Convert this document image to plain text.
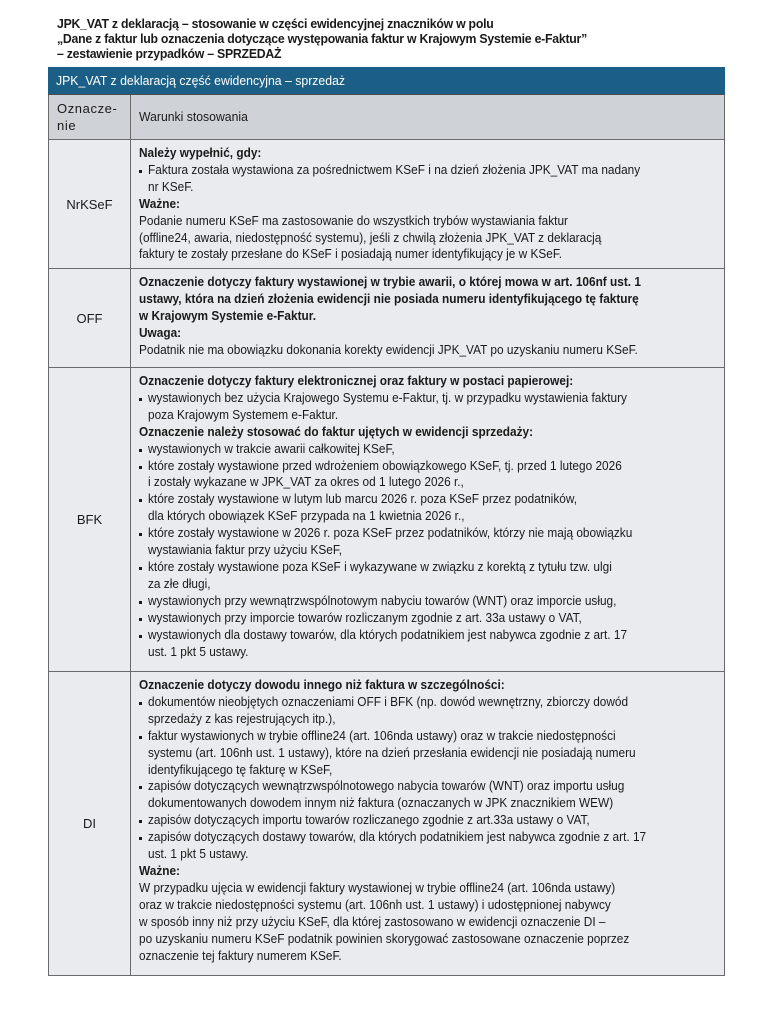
JPK_VAT z deklaracją – stosowanie w części ewidencyjnej znaczników w polu
„Dane z faktur lub oznaczenia dotyczące występowania faktur w Krajowym Systemie e-Faktur”
– zestawienie przypadków – SPRZEDAŻ
JPK_VAT z deklaracją część ewidencyjna – sprzedaż
Oznacze-
nie
Warunki stosowania
NrKSeF
Należy wypełnić, gdy:
Faktura została wystawiona za pośrednictwem KSeF i na dzień złożenia JPK_VAT ma nadany
nr KSeF.
Ważne:
Podanie numeru KSeF ma zastosowanie do wszystkich trybów wystawiania faktur
(offline24, awaria, niedostępność systemu), jeśli z chwilą złożenia JPK_VAT z deklaracją
faktury te zostały przesłane do KSeF i posiadają numer identyfikujący je w KSeF.
OFF
Oznaczenie dotyczy faktury wystawionej w trybie awarii, o której mowa w art. 106nf ust. 1
ustawy, która na dzień złożenia ewidencji nie posiada numeru identyfikującego tę fakturę
w Krajowym Systemie e-Faktur.
Uwaga:
Podatnik nie ma obowiązku dokonania korekty ewidencji JPK_VAT po uzyskaniu numeru KSeF.
BFK
Oznaczenie dotyczy faktury elektronicznej oraz faktury w postaci papierowej:
wystawionych bez użycia Krajowego Systemu e-Faktur, tj. w przypadku wystawienia faktury
poza Krajowym Systemem e-Faktur.
Oznaczenie należy stosować do faktur ujętych w ewidencji sprzedaży:
wystawionych w trakcie awarii całkowitej KSeF,
które zostały wystawione przed wdrożeniem obowiązkowego KSeF, tj. przed 1 lutego 2026
i zostały wykazane w JPK_VAT za okres od 1 lutego 2026 r.,
które zostały wystawione w lutym lub marcu 2026 r. poza KSeF przez podatników,
dla których obowiązek KSeF przypada na 1 kwietnia 2026 r.,
które zostały wystawione w 2026 r. poza KSeF przez podatników, którzy nie mają obowiązku
wystawiania faktur przy użyciu KSeF,
które zostały wystawione poza KSeF i wykazywane w związku z korektą z tytułu tzw. ulgi
za złe długi,
wystawionych przy wewnątrzwspólnotowym nabyciu towarów (WNT) oraz imporcie usług,
wystawionych przy imporcie towarów rozliczanym zgodnie z art. 33a ustawy o VAT,
wystawionych dla dostawy towarów, dla których podatnikiem jest nabywca zgodnie z art. 17
ust. 1 pkt 5 ustawy.
DI
Oznaczenie dotyczy dowodu innego niż faktura w szczególności:
dokumentów nieobjętych oznaczeniami OFF i BFK (np. dowód wewnętrzny, zbiorczy dowód
sprzedaży z kas rejestrujących itp.),
faktur wystawionych w trybie offline24 (art. 106nda ustawy) oraz w trakcie niedostępności
systemu (art. 106nh ust. 1 ustawy), które na dzień przesłania ewidencji nie posiadają numeru
identyfikującego tę fakturę w KSeF,
zapisów dotyczących wewnątrzwspólnotowego nabycia towarów (WNT) oraz importu usług
dokumentowanych dowodem innym niż faktura (oznaczanych w JPK znacznikiem WEW)
zapisów dotyczących importu towarów rozliczanego zgodnie z art.33a ustawy o VAT,
zapisów dotyczących dostawy towarów, dla których podatnikiem jest nabywca zgodnie z art. 17
ust. 1 pkt 5 ustawy.
Ważne:
W przypadku ujęcia w ewidencji faktury wystawionej w trybie offline24 (art. 106nda ustawy)
oraz w trakcie niedostępności systemu (art. 106nh ust. 1 ustawy) i udostępnionej nabywcy
w sposób inny niż przy użyciu KSeF, dla której zastosowano w ewidencji oznaczenie DI –
po uzyskaniu numeru KSeF podatnik powinien skorygować zastosowane oznaczenie poprzez
oznaczenie tej faktury numerem KSeF.
